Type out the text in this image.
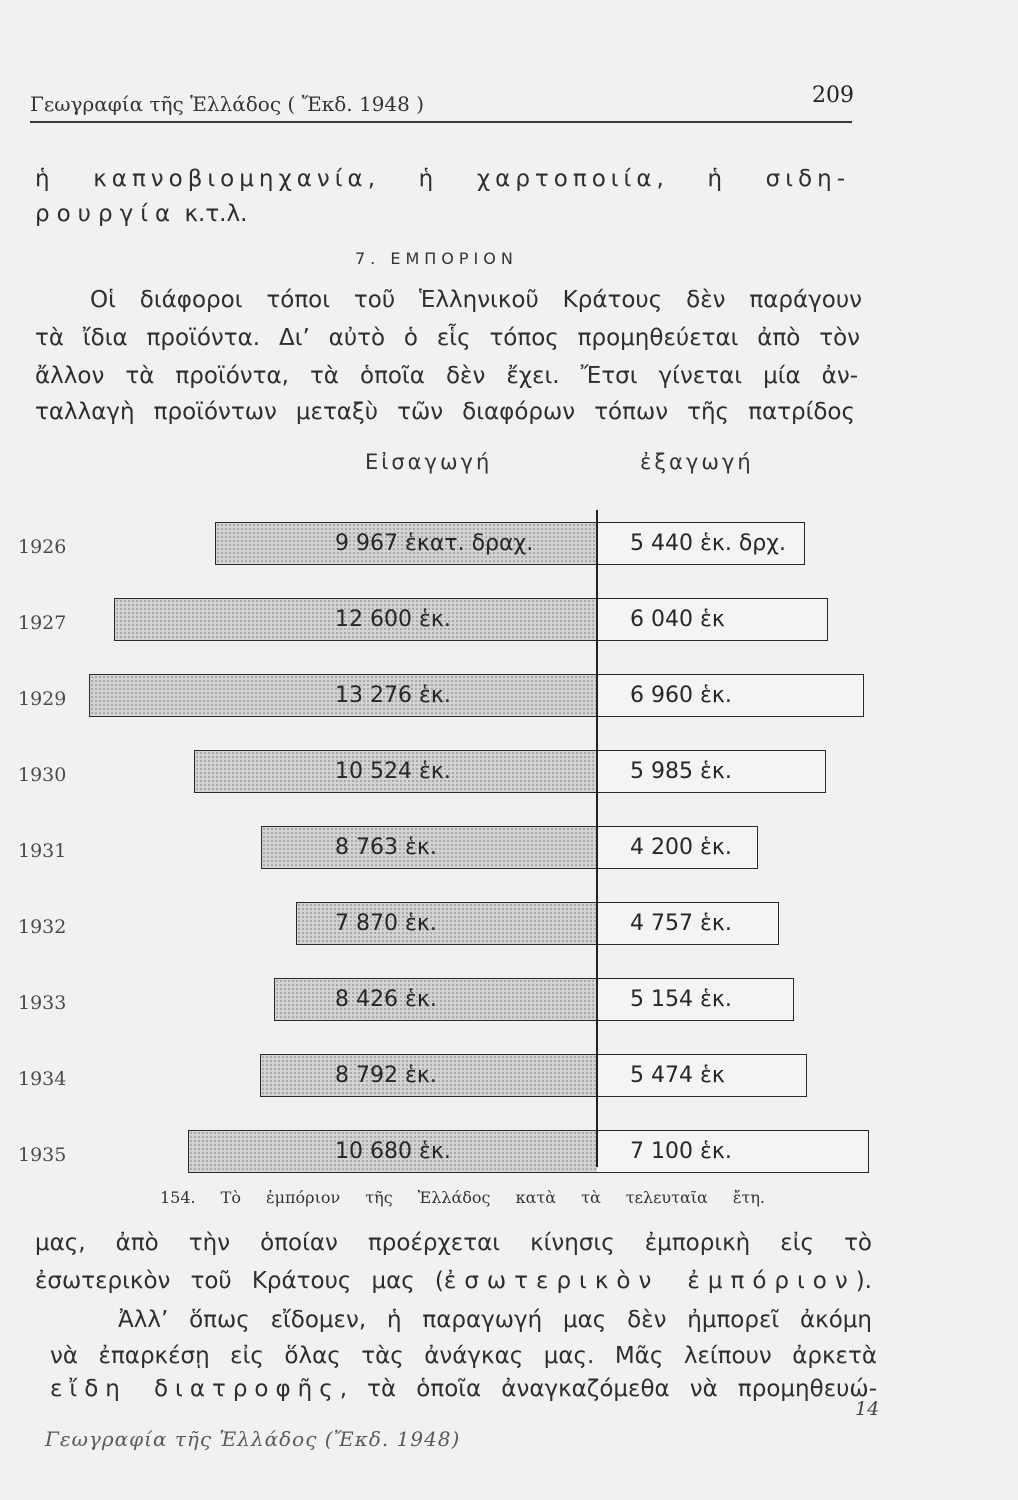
Γεωγραφία τῆς Ἑλλάδος ( Ἔκδ. 1948 )	209
ἡ καπνοβιομηχανία, ἡ χαρτοποιία, ἡ σιδη-
ρουργία κ.τ.λ.
7. ΕΜΠΟΡΙΟΝ
Οἱ διάφοροι τόποι τοῦ Ἑλληνικοῦ Κράτους δὲν παράγουν
τὰ ἴδια προϊόντα. Δι’ αὐτὸ ὁ εἷς τόπος προμηθεύεται ἀπὸ τὸν
ἄλλον τὰ προϊόντα, τὰ ὁποῖα δὲν ἔχει. Ἔτσι γίνεται μία ἀν-
ταλλαγὴ προϊόντων μεταξὺ τῶν διαφόρων τόπων τῆς πατρίδος
Εἰσαγωγή	ἐξαγωγή
1926	9 967 ἑκατ. δραχ.	5 440 ἑκ. δρχ.
1927	12 600 ἑκ.	6 040 ἑκ
1929	13 276 ἑκ.	6 960 ἑκ.
1930	10 524 ἑκ.	5 985 ἑκ.
1931	8 763 ἑκ.	4 200 ἑκ.
1932	7 870 ἑκ.	4 757 ἑκ.
1933	8 426 ἑκ.	5 154 ἑκ.
1934	8 792 ἑκ.	5 474 ἑκ
1935	10 680 ἑκ.	7 100 ἑκ.
154. Τὸ ἐμπόριον τῆς Ἑλλάδος κατὰ τὰ τελευταῖα ἔτη.
μας, ἀπὸ τὴν ὁποίαν προέρχεται κίνησις ἐμπορικὴ εἰς τὸ
ἐσωτερικὸν τοῦ Κράτους μας (ἐσωτερικὸν ἐμπόριον).
Ἀλλ’ ὅπως εἴδομεν, ἡ παραγωγή μας δὲν ἠμπορεῖ ἀκόμη
νὰ ἐπαρκέσῃ εἰς ὅλας τὰς ἀνάγκας μας. Μᾶς λείπουν ἀρκετὰ
εἴδη διατροφῆς, τὰ ὁποῖα ἀναγκαζόμεθα νὰ προμηθευώ-
14
Γεωγραφία τῆς Ἑλλάδος (Ἔκδ. 1948)
